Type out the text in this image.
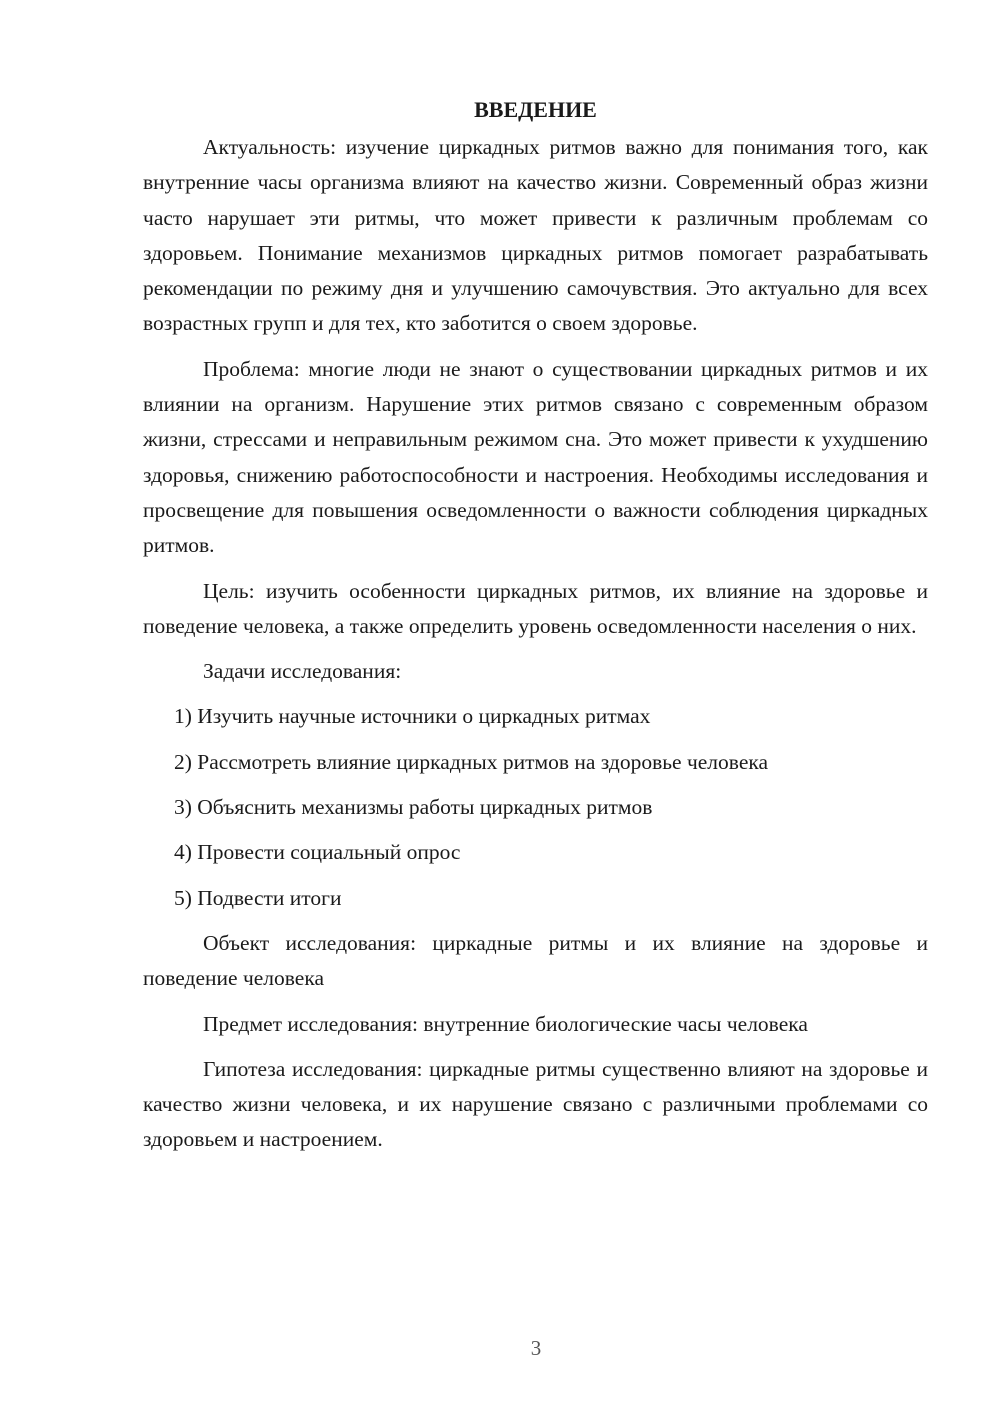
ВВЕДЕНИЕ

Актуальность: изучение циркадных ритмов важно для понимания того, как внутренние часы организма влияют на качество жизни. Современный образ жизни часто нарушает эти ритмы, что может привести к различным проблемам со здоровьем. Понимание механизмов циркадных ритмов помогает разрабатывать рекомендации по режиму дня и улучшению самочувствия. Это актуально для всех возрастных групп и для тех, кто заботится о своем здоровье.

Проблема: многие люди не знают о существовании циркадных ритмов и их влиянии на организм. Нарушение этих ритмов связано с современным образом жизни, стрессами и неправильным режимом сна. Это может привести к ухудшению здоровья, снижению работоспособности и настроения. Необходимы исследования и просвещение для повышения осведомленности о важности соблюдения циркадных ритмов.

Цель: изучить особенности циркадных ритмов, их влияние на здоровье и поведение человека, а также определить уровень осведомленности населения о них.

Задачи исследования:

1) Изучить научные источники о циркадных ритмах
2) Рассмотреть влияние циркадных ритмов на здоровье человека
3) Объяснить механизмы работы циркадных ритмов
4) Провести социальный опрос
5) Подвести итоги

Объект исследования: циркадные ритмы и их влияние на здоровье и поведение человека

Предмет исследования: внутренние биологические часы человека

Гипотеза исследования: циркадные ритмы существенно влияют на здоровье и качество жизни человека, и их нарушение связано с различными проблемами со здоровьем и настроением.

3
